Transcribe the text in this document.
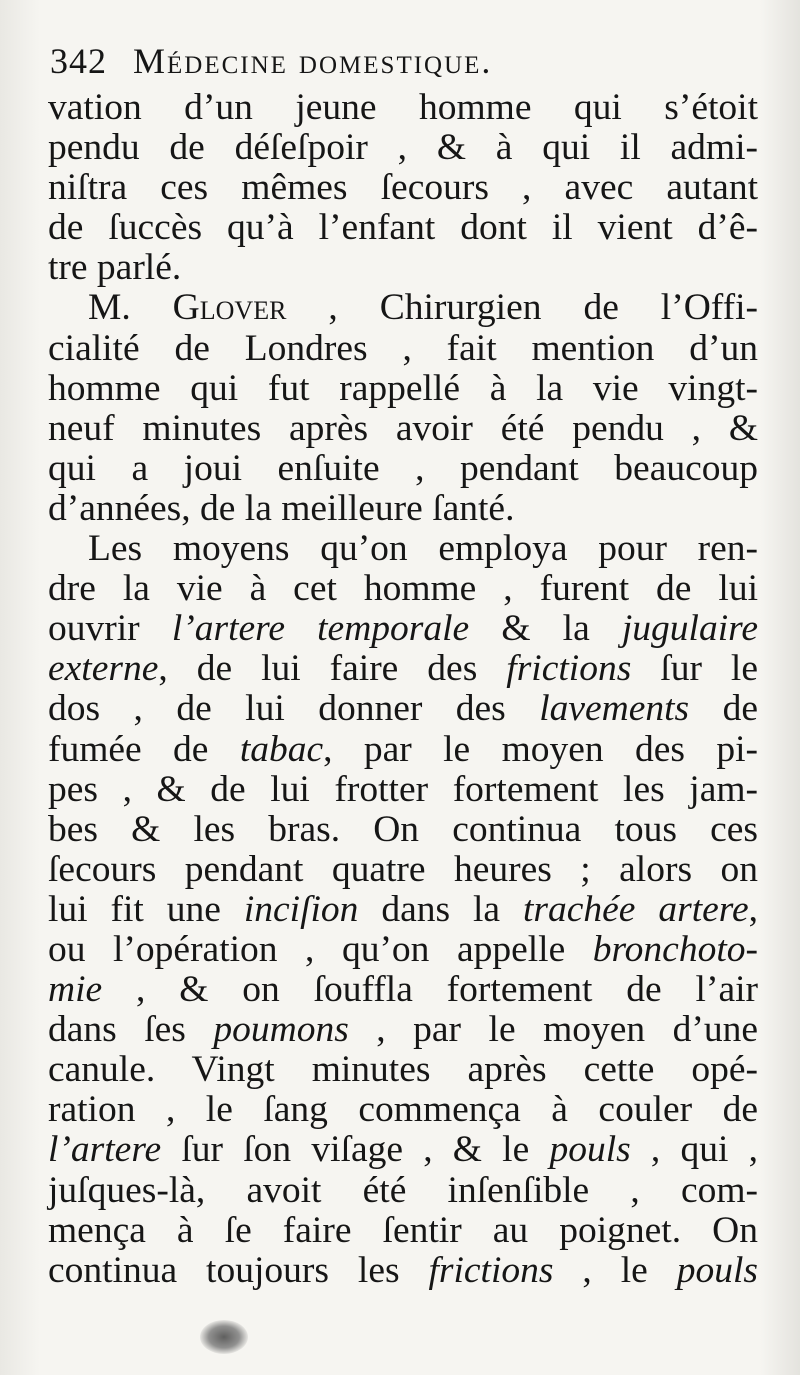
342 Médecine domestique.
vation d’un jeune homme qui s’étoit
pendu de déſeſpoir , & à qui il admi-
niſtra ces mêmes ſecours , avec autant
de ſuccès qu’à l’enfant dont il vient d’ê-
tre parlé.
M. Glover , Chirurgien de l’Offi-
cialité de Londres , fait mention d’un
homme qui fut rappellé à la vie vingt-
neuf minutes après avoir été pendu , &
qui a joui enſuite , pendant beaucoup
d’années, de la meilleure ſanté.
Les moyens qu’on employa pour ren-
dre la vie à cet homme , furent de lui
ouvrir l’artere temporale & la jugulaire
externe, de lui faire des frictions ſur le
dos , de lui donner des lavements de
fumée de tabac, par le moyen des pi-
pes , & de lui frotter fortement les jam-
bes & les bras. On continua tous ces
ſecours pendant quatre heures ; alors on
lui fit une inciſion dans la trachée artere,
ou l’opération , qu’on appelle bronchoto-
mie , & on ſouffla fortement de l’air
dans ſes poumons , par le moyen d’une
canule. Vingt minutes après cette opé-
ration , le ſang commença à couler de
l’artere ſur ſon viſage , & le pouls , qui ,
juſques-là, avoit été inſenſible , com-
mença à ſe faire ſentir au poignet. On
continua toujours les frictions , le pouls
